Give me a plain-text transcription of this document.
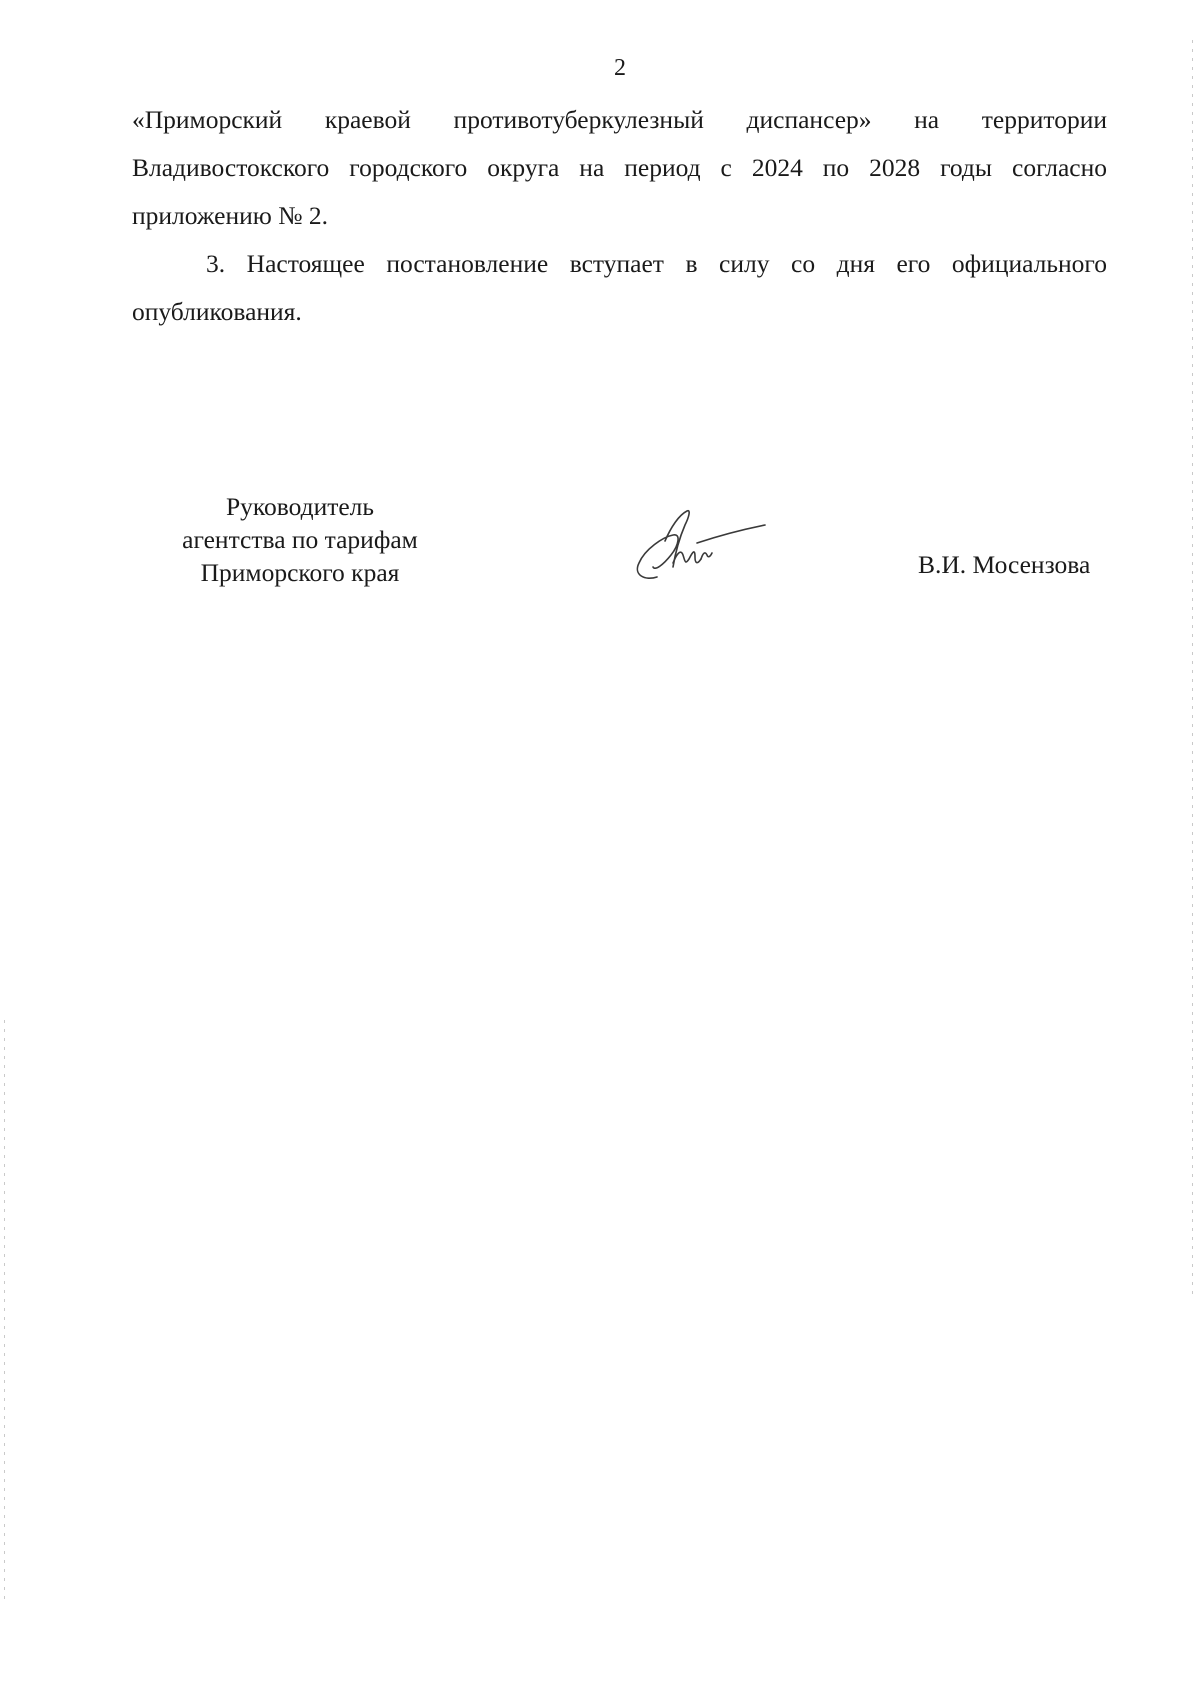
2

«Приморский краевой противотуберкулезный диспансер» на территории Владивостокского городского округа на период с 2024 по 2028 годы согласно приложению № 2.

3. Настоящее постановление вступает в силу со дня его официального опубликования.

Руководитель
агентства по тарифам
Приморского края	В.И. Мосензова
